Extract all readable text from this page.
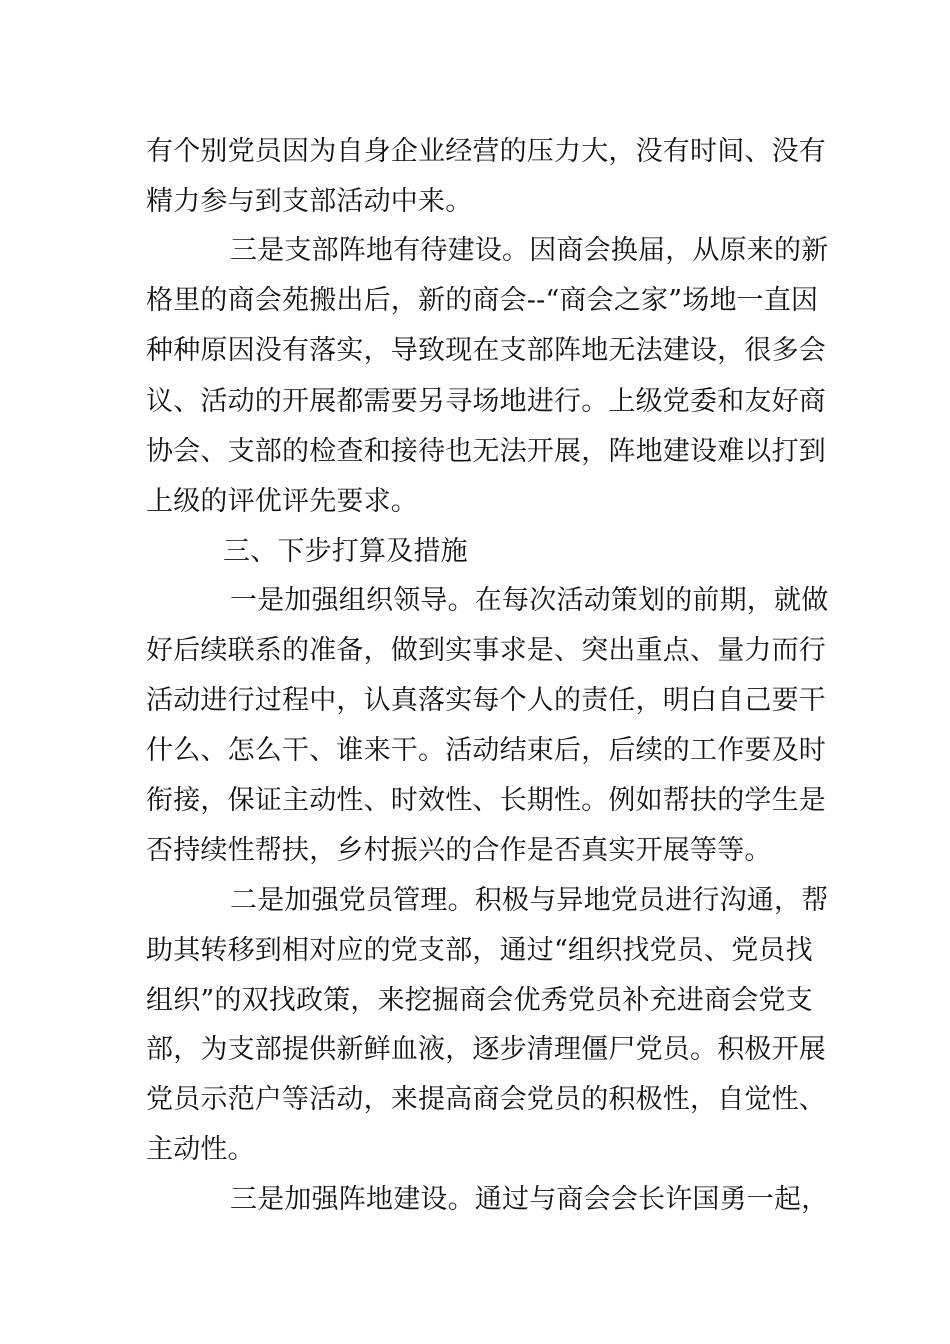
有个别党员因为自身企业经营的压力大，没有时间、没有
精力参与到支部活动中来。
三是支部阵地有待建设。因商会换届，从原来的新
格里的商会苑搬出后，新的商会--“商会之家”场地一直因
种种原因没有落实，导致现在支部阵地无法建设，很多会
议、活动的开展都需要另寻场地进行。上级党委和友好商
协会、支部的检查和接待也无法开展，阵地建设难以打到
上级的评优评先要求。
三、下步打算及措施
一是加强组织领导。在每次活动策划的前期，就做
好后续联系的准备，做到实事求是、突出重点、量力而行
活动进行过程中，认真落实每个人的责任，明白自己要干
什么、怎么干、谁来干。活动结束后，后续的工作要及时
衔接，保证主动性、时效性、长期性。例如帮扶的学生是
否持续性帮扶，乡村振兴的合作是否真实开展等等。
二是加强党员管理。积极与异地党员进行沟通，帮
助其转移到相对应的党支部，通过“组织找党员、党员找
组织”的双找政策，来挖掘商会优秀党员补充进商会党支
部，为支部提供新鲜血液，逐步清理僵尸党员。积极开展
党员示范户等活动，来提高商会党员的积极性，自觉性、
主动性。
三是加强阵地建设。通过与商会会长许国勇一起，
